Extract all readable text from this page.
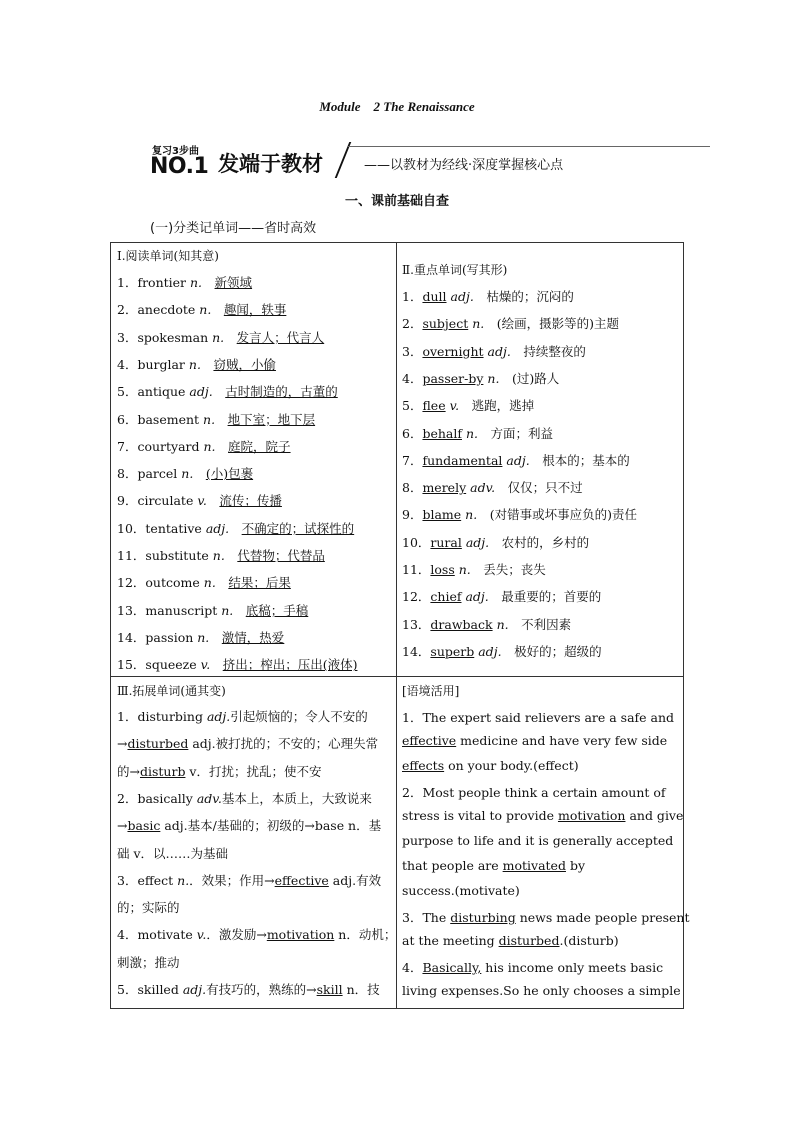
Module　2 The Renaissance
复习3步曲
NO.1 发端于教材	——以教材为经线·深度掌握核心点
一、课前基础自查
(一)分类记单词——省时高效
Ⅰ.阅读单词(知其意)
1．frontier n.　 新领域
2．anecdote n.　 趣闻，轶事
3．spokesman n.　 发言人；代言人
4．burglar n.　 窃贼，小偷
5．antique adj.　 古时制造的，古董的
6．basement n.　 地下室；地下层
7．courtyard n.　 庭院，院子
8．parcel n.　 (小)包裹
9．circulate v.　 流传；传播
10．tentative adj.　 不确定的；试探性的
11．substitute n.　 代替物；代替品
12．outcome n.　 结果；后果
13．manuscript n.　 底稿；手稿
14．passion n.　 激情，热爱
15．squeeze v.　 挤出；榨出；压出(液体)
Ⅱ.重点单词(写其形)
1．dull adj.　 枯燥的；沉闷的
2．subject n.　 (绘画，摄影等的)主题
3．overnight adj.　 持续整夜的
4．passer-by n.　 (过)路人
5．flee v.　 逃跑，逃掉
6．behalf n.　 方面；利益
7．fundamental adj.　 根本的；基本的
8．merely adv.　 仅仅；只不过
9．blame n.　 (对错事或坏事应负的)责任
10．rural adj.　 农村的，乡村的
11．loss n.　 丢失；丧失
12．chief adj.　 最重要的；首要的
13．drawback n.　 不利因素
14．superb adj.　 极好的；超级的
Ⅲ.拓展单词(通其变)
1．disturbing adj.引起烦恼的；令人不安的
→disturbed adj.被打扰的；不安的；心理失常
的→disturb v．打扰；扰乱；使不安
2．basically adv.基本上，本质上，大致说来
→basic adj.基本/基础的；初级的→base n．基
础 v．以……为基础
3．effect n.．效果；作用→effective adj.有效
的；实际的
4．motivate v.．激发励→motivation n．动机；
刺激；推动
5．skilled adj.有技巧的，熟练的→skill n．技
[语境活用]
1．The expert said relievers are a safe and
effective medicine and have very few side
effects on your body.(effect)
2．Most people think a certain amount of
stress is vital to provide motivation and give
purpose to life and it is generally accepted
that people are motivated by
success.(motivate)
3．The disturbing news made people present
at the meeting disturbed.(disturb)
4．Basically, his income only meets basic
living expenses.So he only chooses a simple
